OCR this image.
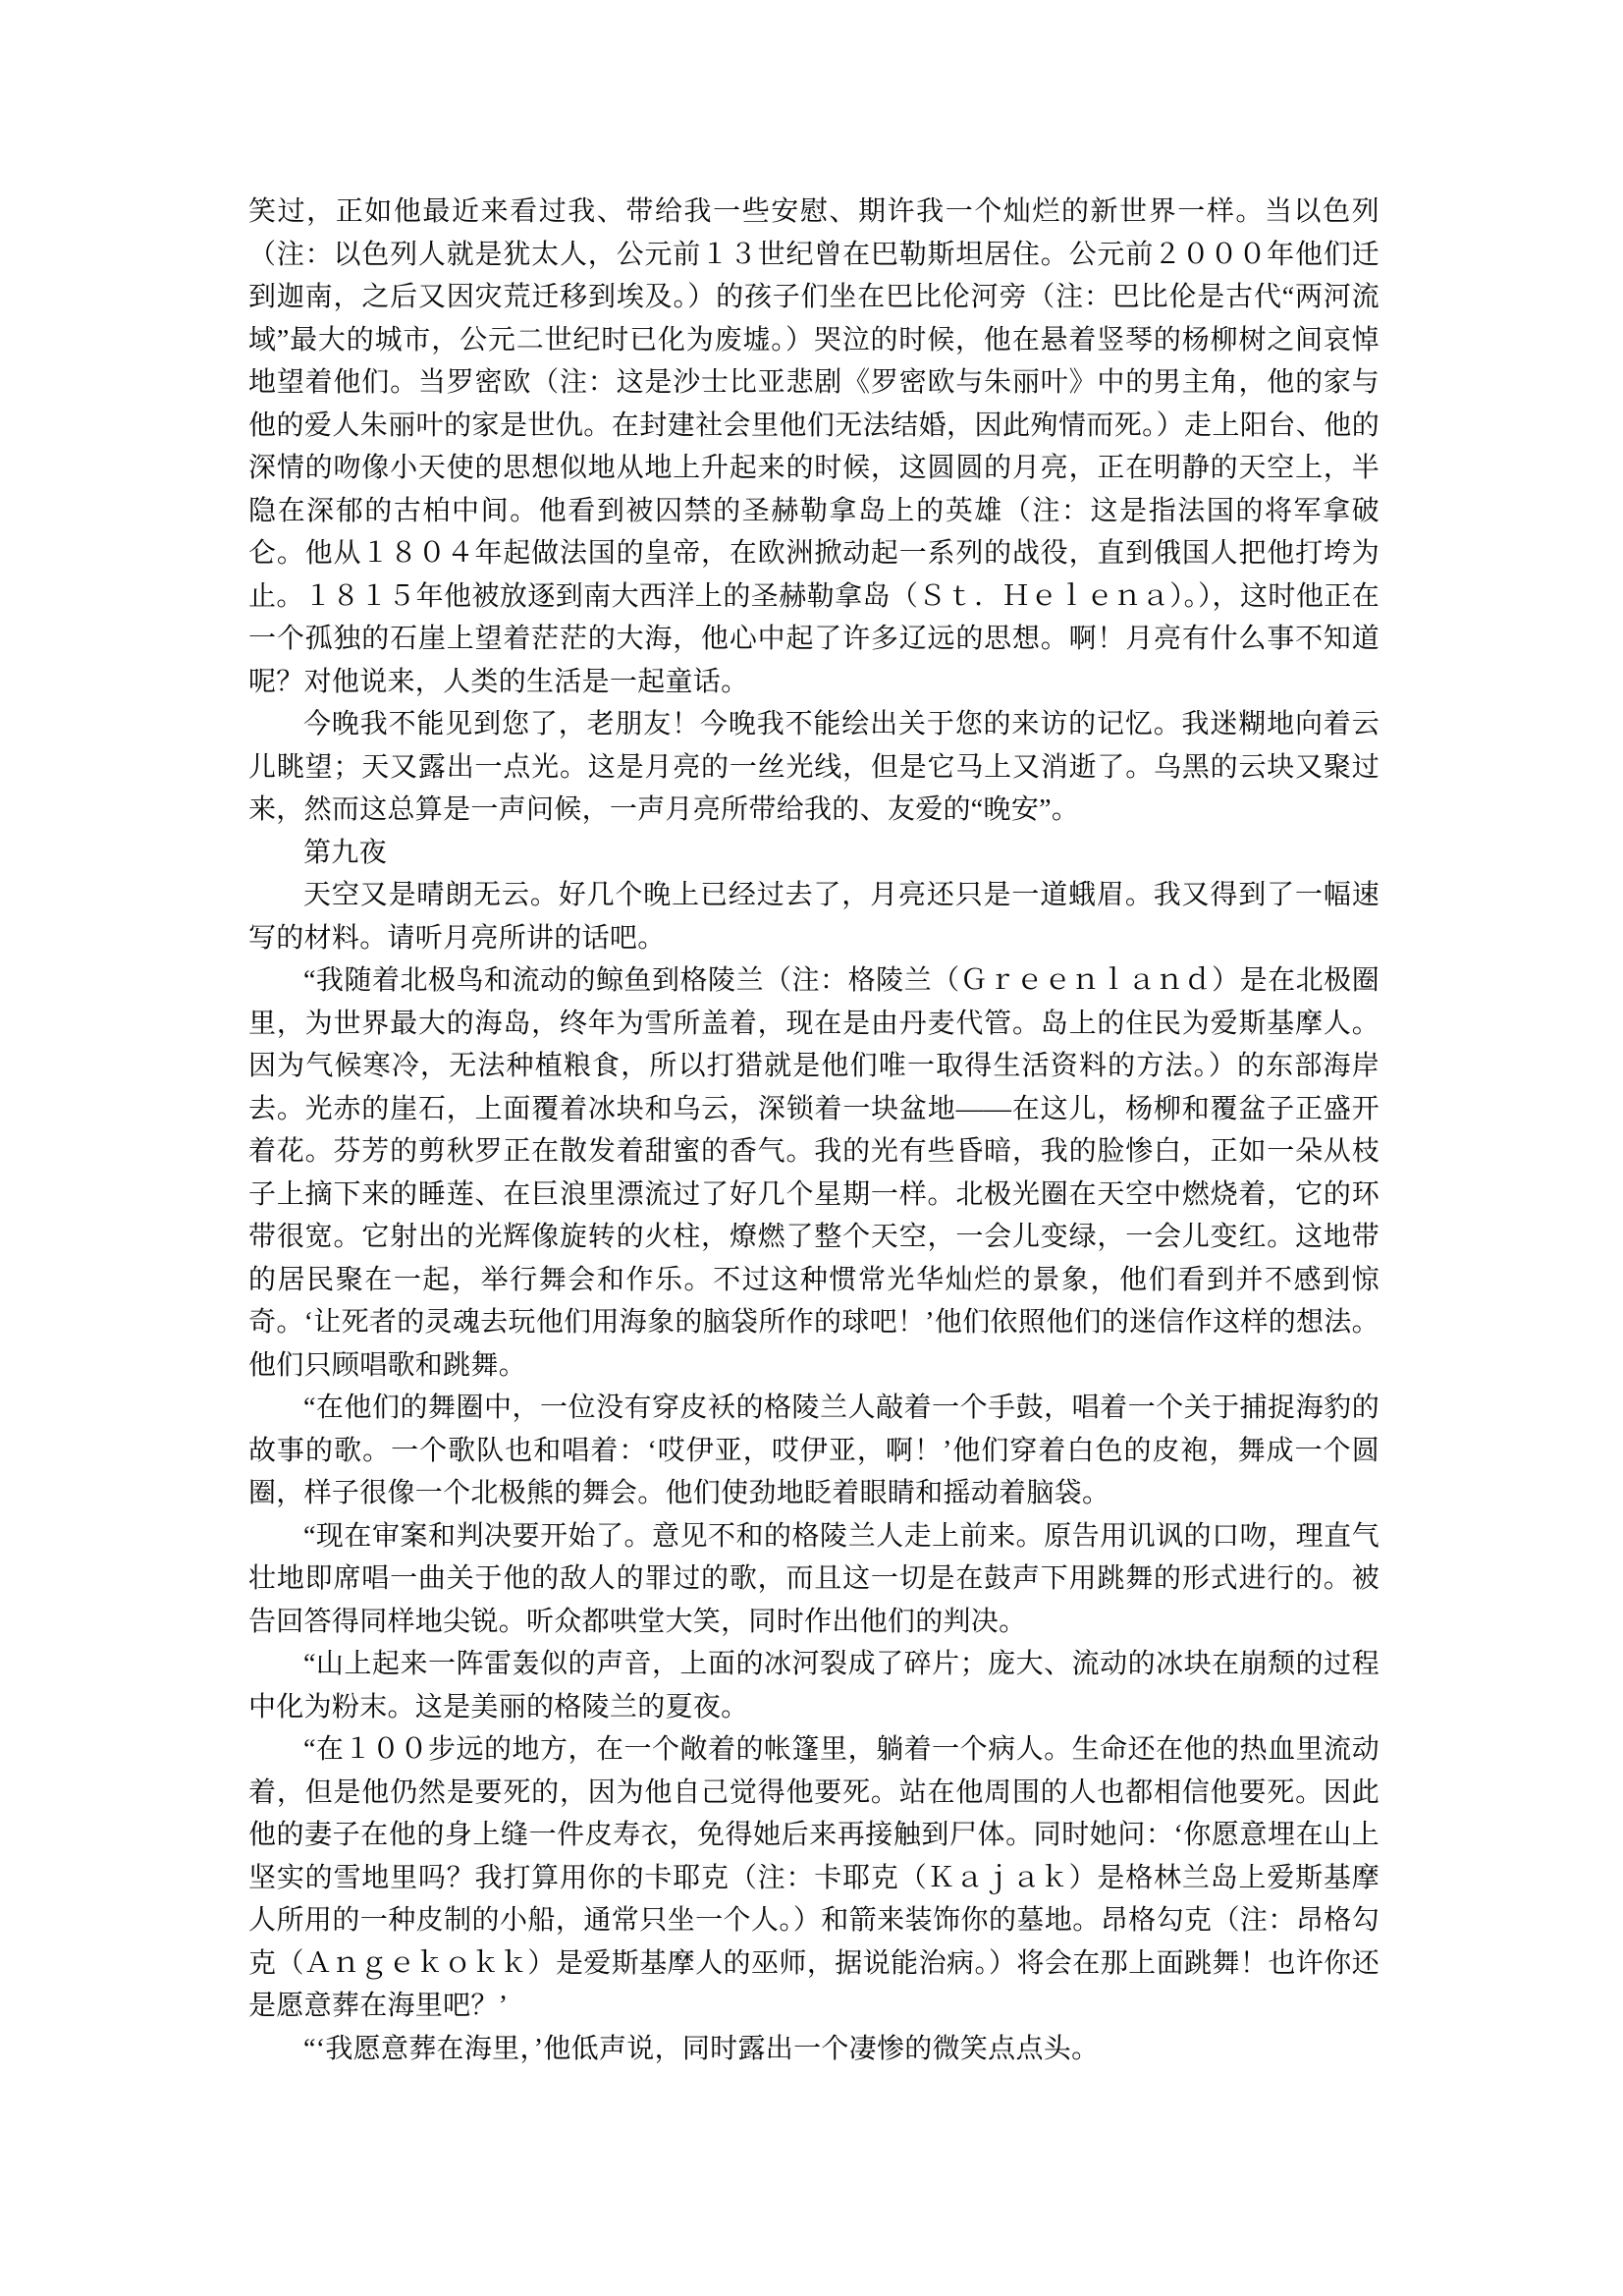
笑过，正如他最近来看过我、带给我一些安慰、期许我一个灿烂的新世界一样。当以色列（注：以色列人就是犹太人，公元前１３世纪曾在巴勒斯坦居住。公元前２０００年他们迁到迦南，之后又因灾荒迁移到埃及。）的孩子们坐在巴比伦河旁（注：巴比伦是古代“两河流域”最大的城市，公元二世纪时已化为废墟。）哭泣的时候，他在悬着竖琴的杨柳树之间哀悼地望着他们。当罗密欧（注：这是沙士比亚悲剧《罗密欧与朱丽叶》中的男主角，他的家与他的爱人朱丽叶的家是世仇。在封建社会里他们无法结婚，因此殉情而死。）走上阳台、他的深情的吻像小天使的思想似地从地上升起来的时候，这圆圆的月亮，正在明静的天空上，半隐在深郁的古柏中间。他看到被囚禁的圣赫勒拿岛上的英雄（注：这是指法国的将军拿破仑。他从１８０４年起做法国的皇帝，在欧洲掀动起一系列的战役，直到俄国人把他打垮为止。１８１５年他被放逐到南大西洋上的圣赫勒拿岛（Ｓｔ．Ｈｅｌｅｎａ）。），这时他正在一个孤独的石崖上望着茫茫的大海，他心中起了许多辽远的思想。啊！月亮有什么事不知道呢？对他说来，人类的生活是一起童话。

今晚我不能见到您了，老朋友！今晚我不能绘出关于您的来访的记忆。我迷糊地向着云儿眺望；天又露出一点光。这是月亮的一丝光线，但是它马上又消逝了。乌黑的云块又聚过来，然而这总算是一声问候，一声月亮所带给我的、友爱的“晚安”。

第九夜

天空又是晴朗无云。好几个晚上已经过去了，月亮还只是一道蛾眉。我又得到了一幅速写的材料。请听月亮所讲的话吧。

“我随着北极鸟和流动的鲸鱼到格陵兰（注：格陵兰（Ｇｒｅｅｎｌａｎｄ）是在北极圈里，为世界最大的海岛，终年为雪所盖着，现在是由丹麦代管。岛上的住民为爱斯基摩人。因为气候寒冷，无法种植粮食，所以打猎就是他们唯一取得生活资料的方法。）的东部海岸去。光赤的崖石，上面覆着冰块和乌云，深锁着一块盆地——在这儿，杨柳和覆盆子正盛开着花。芬芳的剪秋罗正在散发着甜蜜的香气。我的光有些昏暗，我的脸惨白，正如一朵从枝子上摘下来的睡莲、在巨浪里漂流过了好几个星期一样。北极光圈在天空中燃烧着，它的环带很宽。它射出的光辉像旋转的火柱，燎燃了整个天空，一会儿变绿，一会儿变红。这地带的居民聚在一起，举行舞会和作乐。不过这种惯常光华灿烂的景象，他们看到并不感到惊奇。‘让死者的灵魂去玩他们用海象的脑袋所作的球吧！’他们依照他们的迷信作这样的想法。他们只顾唱歌和跳舞。

“在他们的舞圈中，一位没有穿皮袄的格陵兰人敲着一个手鼓，唱着一个关于捕捉海豹的故事的歌。一个歌队也和唱着：‘哎伊亚，哎伊亚，啊！’他们穿着白色的皮袍，舞成一个圆圈，样子很像一个北极熊的舞会。他们使劲地眨着眼睛和摇动着脑袋。

“现在审案和判决要开始了。意见不和的格陵兰人走上前来。原告用讥讽的口吻，理直气壮地即席唱一曲关于他的敌人的罪过的歌，而且这一切是在鼓声下用跳舞的形式进行的。被告回答得同样地尖锐。听众都哄堂大笑，同时作出他们的判决。

“山上起来一阵雷轰似的声音，上面的冰河裂成了碎片；庞大、流动的冰块在崩颓的过程中化为粉末。这是美丽的格陵兰的夏夜。

“在１００步远的地方，在一个敞着的帐篷里，躺着一个病人。生命还在他的热血里流动着，但是他仍然是要死的，因为他自己觉得他要死。站在他周围的人也都相信他要死。因此他的妻子在他的身上缝一件皮寿衣，免得她后来再接触到尸体。同时她问：‘你愿意埋在山上坚实的雪地里吗？我打算用你的卡耶克（注：卡耶克（Ｋａｊａｋ）是格林兰岛上爱斯基摩人所用的一种皮制的小船，通常只坐一个人。）和箭来装饰你的墓地。昂格勾克（注：昂格勾克（Ａｎｇｅｋｏｋｋ）是爱斯基摩人的巫师，据说能治病。）将会在那上面跳舞！也许你还是愿意葬在海里吧？’

“‘我愿意葬在海里，’他低声说，同时露出一个凄惨的微笑点点头。
